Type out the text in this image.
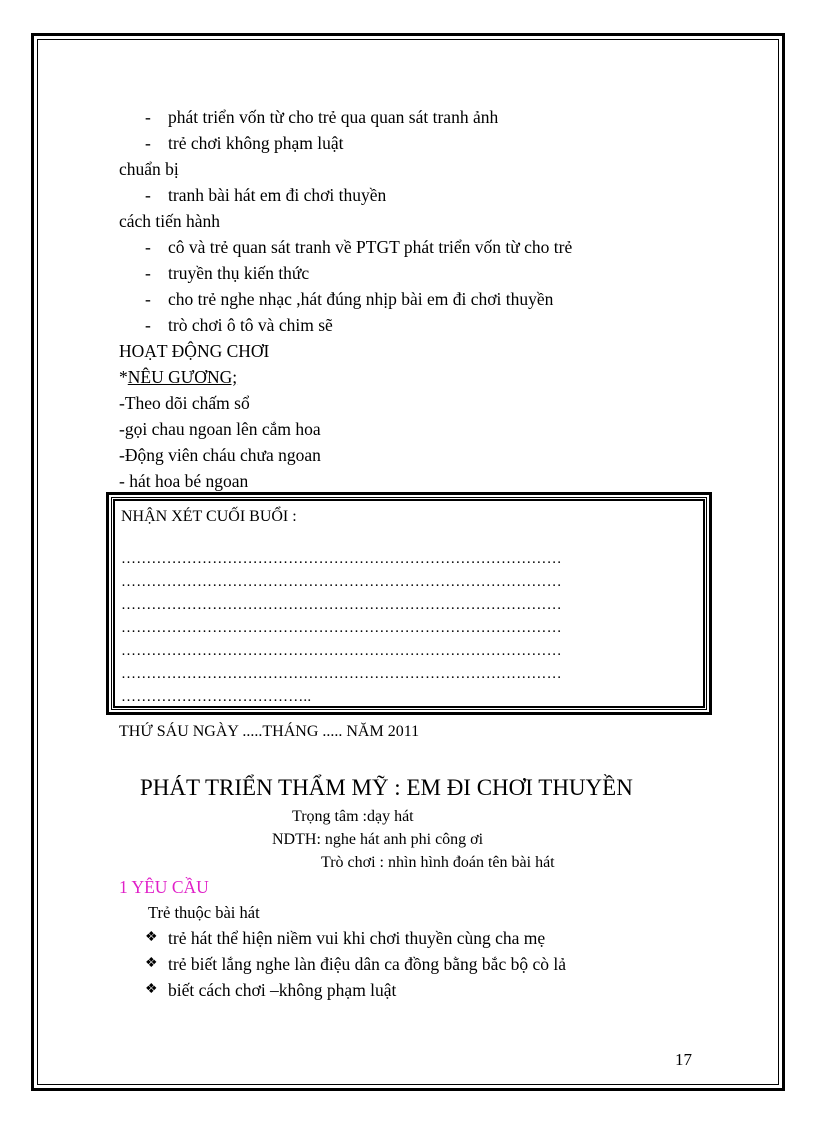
- phát triển vốn từ cho trẻ qua quan sát tranh ảnh
- trẻ chơi không phạm luật
chuẩn bị
- tranh bài hát em đi chơi thuyền
cách tiến hành
- cô và trẻ quan sát tranh về PTGT phát triển vốn từ cho trẻ
- truyền thụ kiến thức
- cho trẻ nghe nhạc ,hát đúng nhịp bài em đi chơi thuyền
- trò chơi ô tô và chim sẽ
HOẠT ĐỘNG CHƠI
*NÊU GƯƠNG;
-Theo dõi chấm sổ
-gọi chau ngoan lên cắm hoa
-Động viên cháu chưa ngoan
- hát hoa bé ngoan
NHẬN XÉT CUỐI BUỔI :
……………………………………………………………………………
……………………………………………………………………………
……………………………………………………………………………
……………………………………………………………………………
……………………………………………………………………………
……………………………………………………………………………
………………………………..
THỨ SÁU NGÀY .....THÁNG ..... NĂM 2011
PHÁT TRIỂN THẨM MỸ : EM ĐI CHƠI THUYỀN
Trọng tâm :dạy hát
NDTH: nghe hát anh phi công ơi
Trò chơi : nhìn hình đoán tên bài hát
1 YÊU CẦU
Trẻ thuộc bài hát
❖ trẻ hát thể hiện niềm vui khi chơi thuyền cùng cha mẹ
❖ trẻ biết lắng nghe làn điệu dân ca đồng bằng bắc bộ cò lả
❖ biết cách chơi –không phạm luật
17
